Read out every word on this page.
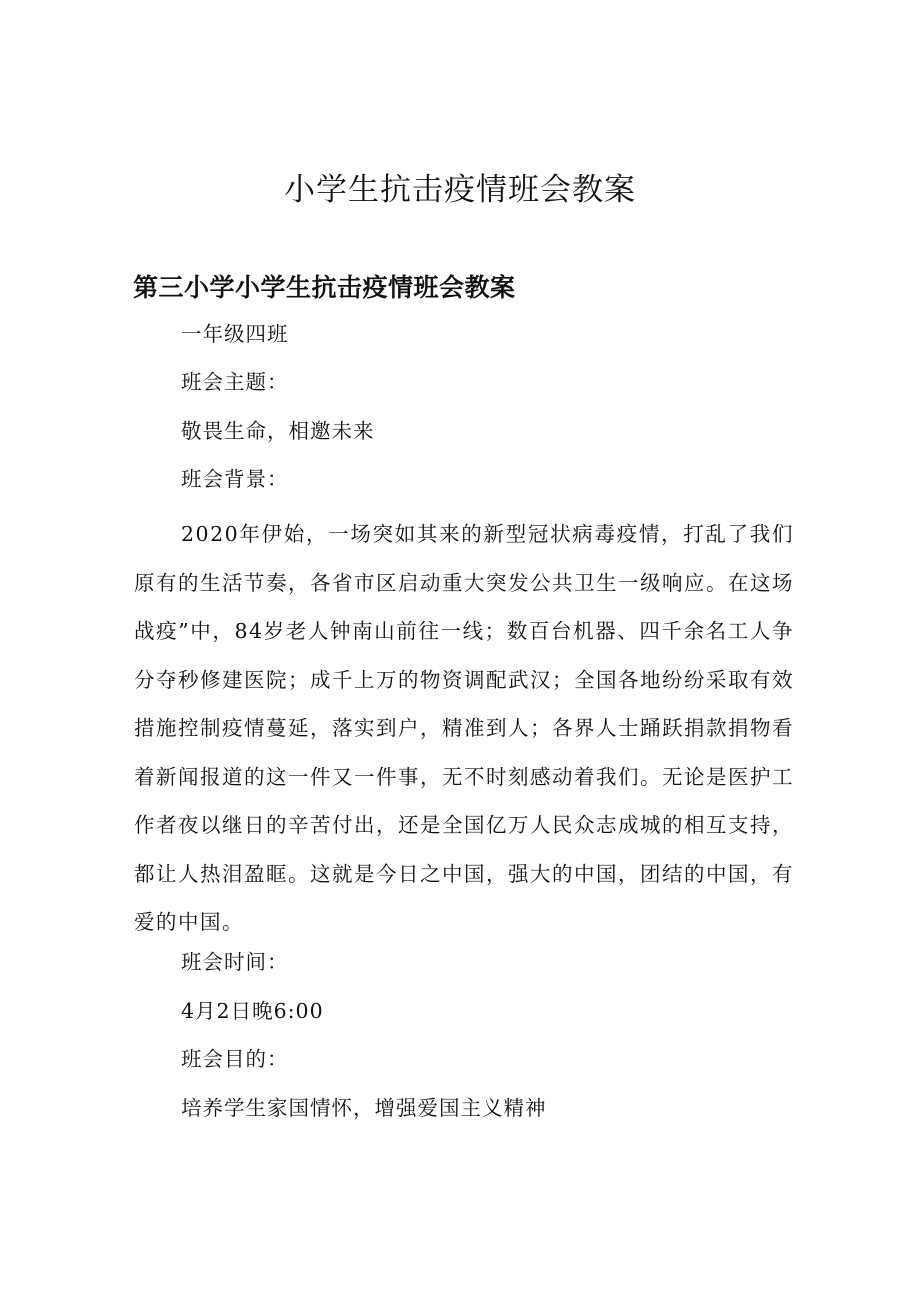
小学生抗击疫情班会教案
第三小学小学生抗击疫情班会教案

一年级四班

班会主题：

敬畏生命，相邀未来

班会背景：

2020年伊始，一场突如其来的新型冠状病毒疫情，打乱了我们原有的生活节奏，各省市区启动重大突发公共卫生一级响应。在这场战疫”中，84岁老人钟南山前往一线；数百台机器、四千余名工人争分夺秒修建医院；成千上万的物资调配武汉；全国各地纷纷采取有效措施控制疫情蔓延，落实到户，精准到人；各界人士踊跃捐款捐物看着新闻报道的这一件又一件事，无不时刻感动着我们。无论是医护工作者夜以继日的辛苦付出，还是全国亿万人民众志成城的相互支持，都让人热泪盈眶。这就是今日之中国，强大的中国，团结的中国，有爱的中国。

班会时间：

4月2日晚6:00

班会目的：

培养学生家国情怀，增强爱国主义精神
